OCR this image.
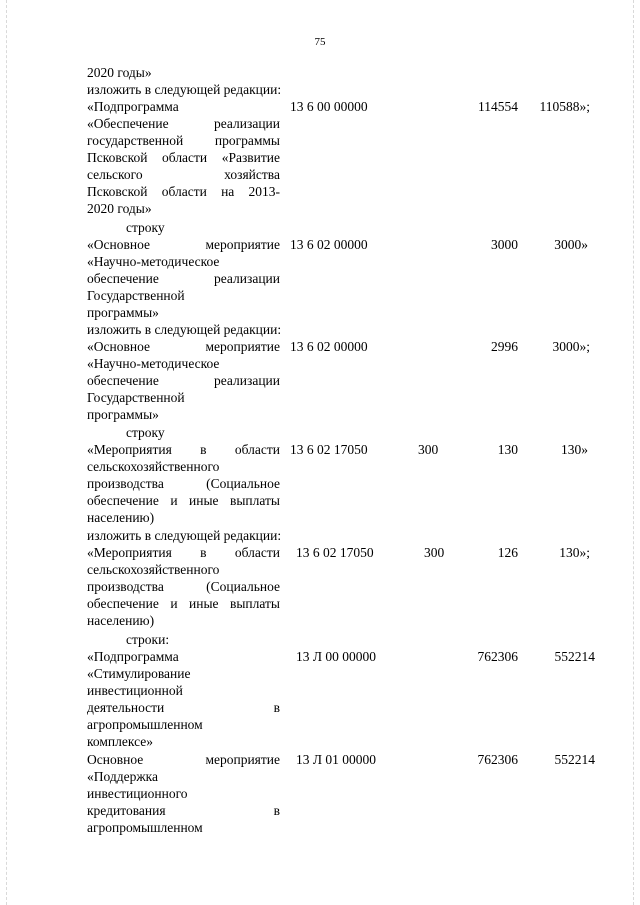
75
2020 годы»
изложить в следующей редакции:
«Подпрограмма
«Обеспечение реализации
государственной программы
Псковской области «Развитие
сельского хозяйства
Псковской области на 2013-
2020 годы»
13 6 00 00000	114554 110588»;
строку
«Основное мероприятие
«Научно-методическое
обеспечение реализации
Государственной
программы»
13 6 02 00000	3000	3000»
изложить в следующей редакции:
«Основное мероприятие
«Научно-методическое
обеспечение реализации
Государственной
программы»
13 6 02 00000	2996	3000»;
строку
«Мероприятия в области
сельскохозяйственного
производства (Социальное
обеспечение и иные выплаты
населению)
13 6 02 17050	300	130	130»
изложить в следующей редакции:
«Мероприятия в области
сельскохозяйственного
производства (Социальное
обеспечение и иные выплаты
населению)
13 6 02 17050	300	126	130»;
строки:
«Подпрограмма
«Стимулирование
инвестиционной
деятельности в
агропромышленном
комплексе»
13 Л 00 00000	762306	552214
Основное мероприятие
«Поддержка
инвестиционного
кредитования в
агропромышленном
13 Л 01 00000	762306	552214
